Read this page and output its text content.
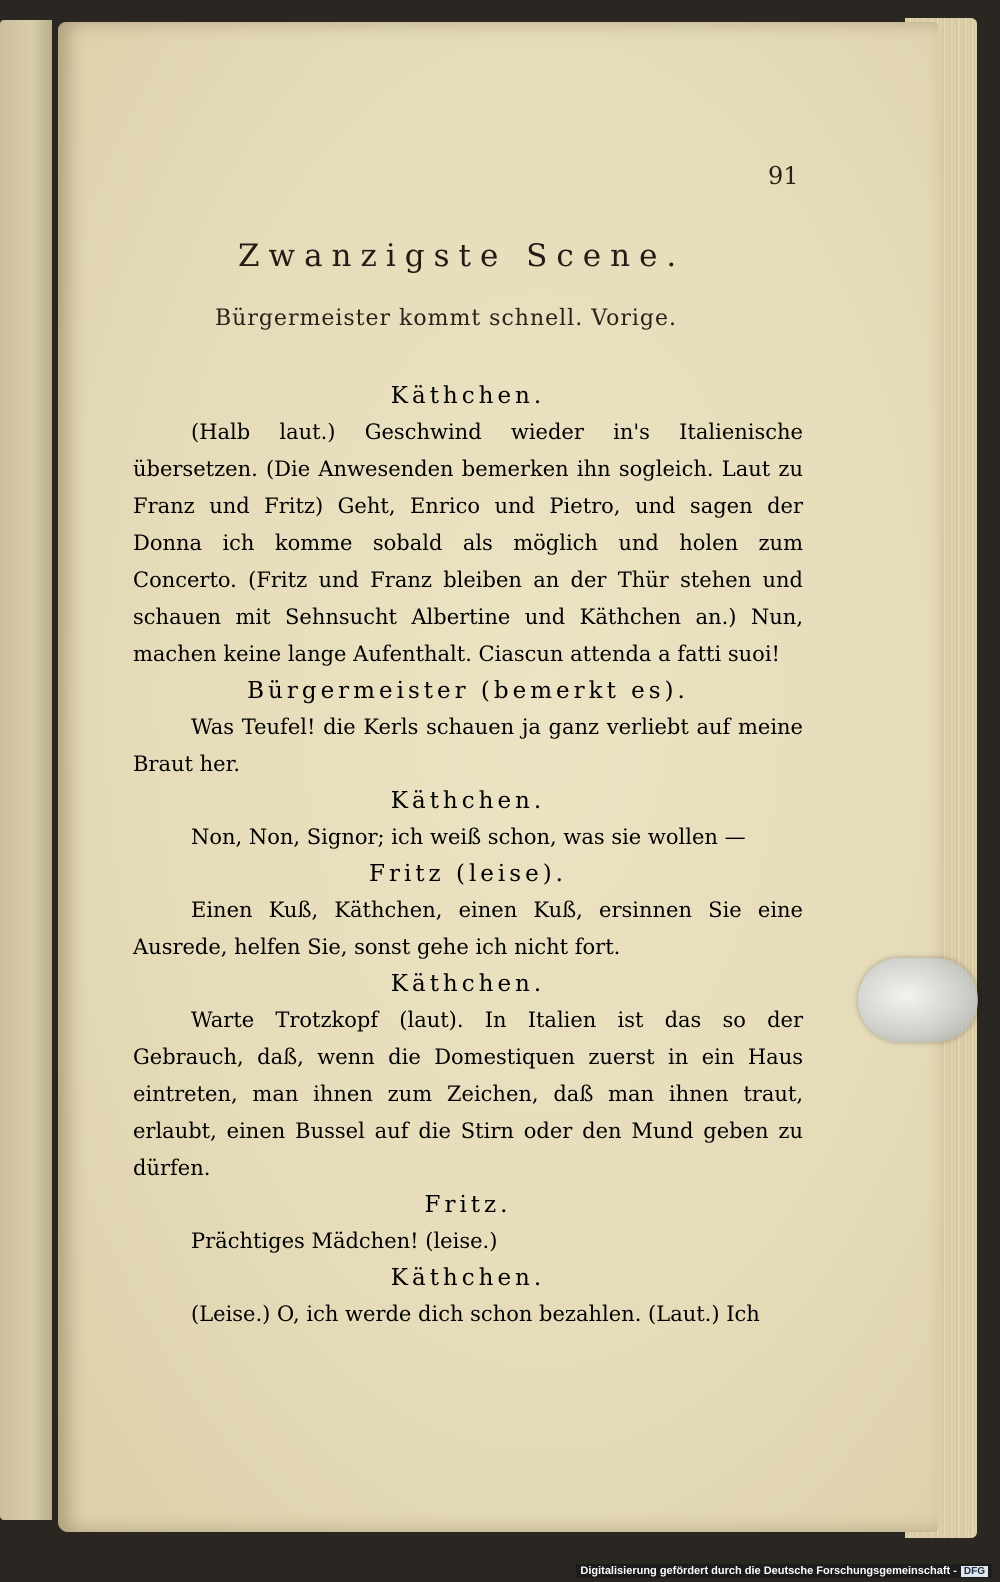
91
Zwanzigste Scene.
Bürgermeister kommt schnell. Vorige.

Käthchen.

(Halb laut.) Geschwind wieder in's Italienische übersetzen. (Die Anwesenden bemerken ihn sogleich. Laut zu Franz und Fritz) Geht, Enrico und Pietro, und sagen der Donna ich komme sobald als möglich und holen zum Concerto. (Fritz und Franz bleiben an der Thür stehen und schauen mit Sehnsucht Albertine und Käthchen an.) Nun, machen keine lange Aufenthalt. Ciascun attenda a fatti suoi!

Bürgermeister (bemerkt es).

Was Teufel! die Kerls schauen ja ganz verliebt auf meine Braut her.

Käthchen.

Non, Non, Signor; ich weiß schon, was sie wollen —

Fritz (leise).

Einen Kuß, Käthchen, einen Kuß, ersinnen Sie eine Ausrede, helfen Sie, sonst gehe ich nicht fort.

Käthchen.

Warte Trotzkopf (laut). In Italien ist das so der Gebrauch, daß, wenn die Domestiquen zuerst in ein Haus eintreten, man ihnen zum Zeichen, daß man ihnen traut, erlaubt, einen Bussel auf die Stirn oder den Mund geben zu dürfen.

Fritz.

Prächtiges Mädchen! (leise.)

Käthchen.

(Leise.) O, ich werde dich schon bezahlen. (Laut.) Ich

Digitalisierung gefördert durch die Deutsche Forschungsgemeinschaft - DFG
